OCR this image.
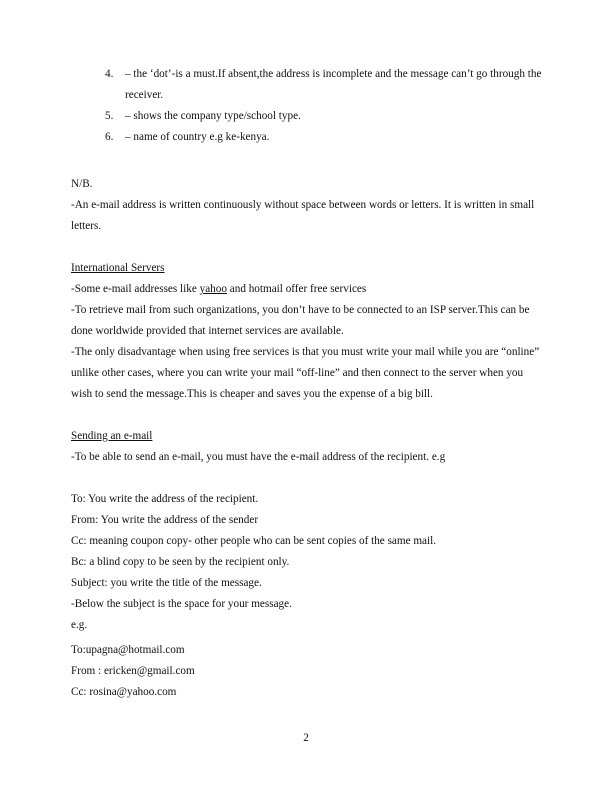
4.	– the ‘dot’-is a must.If absent,the address is incomplete and the message can’t go through the receiver.
5.	– shows the company type/school type.
6.	– name of country e.g ke-kenya.

N/B.

-An e-mail address is written continuously without space between words or letters. It is written in small letters.

International Servers

-Some e-mail addresses like yahoo and hotmail offer free services

-To retrieve mail from such organizations, you don’t have to be connected to an ISP server.This can be done worldwide provided that internet services are available.

-The only disadvantage when using free services is that you must write your mail while you are “online” unlike other cases, where you can write your mail “off-line” and then connect to the server when you wish to send the message.This is cheaper and saves you the expense of a big bill.

Sending an e-mail

-To be able to send an e-mail, you must have the e-mail address of the recipient. e.g

To: You write the address of the recipient.

From: You write the address of the sender

Cc: meaning coupon copy- other people who can be sent copies of the same mail.

Bc: a blind copy to be seen by the recipient only.

Subject: you write the title of the message.

-Below the subject is the space for your message.

e.g.

To:upagna@hotmail.com

From : ericken@gmail.com

Cc: rosina@yahoo.com

2
